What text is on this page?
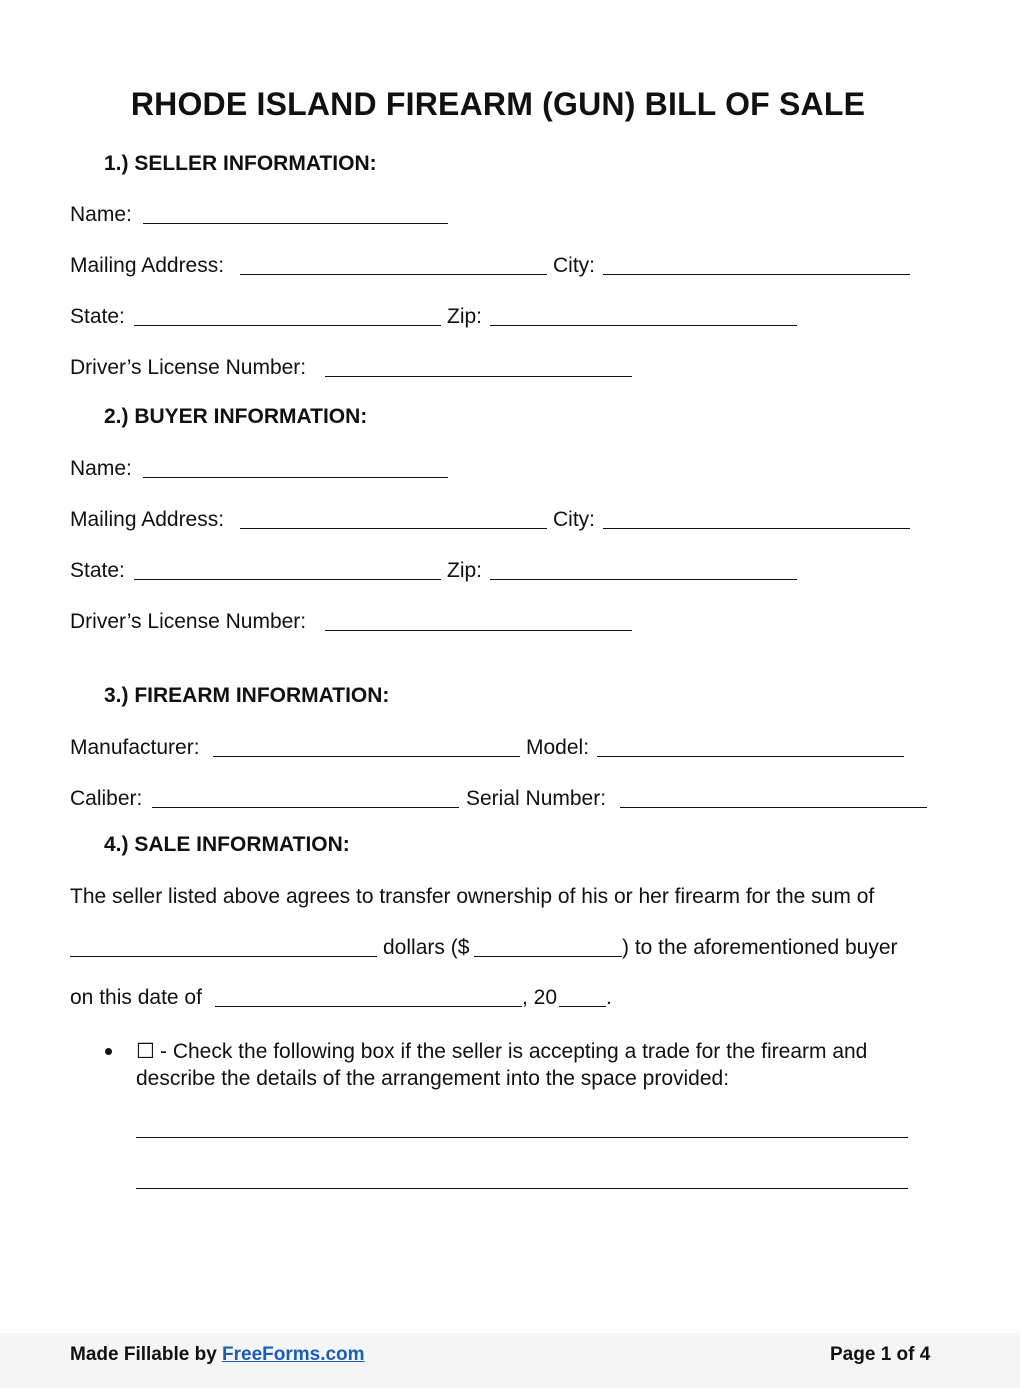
RHODE ISLAND FIREARM (GUN) BILL OF SALE
1.) SELLER INFORMATION:
Name:
Mailing Address:	City:
State:	Zip:
Driver’s License Number:
2.) BUYER INFORMATION:
Name:
Mailing Address:	City:
State:	Zip:
Driver’s License Number:
3.) FIREARM INFORMATION:
Manufacturer:	Model:
Caliber:	Serial Number:
4.) SALE INFORMATION:
The seller listed above agrees to transfer ownership of his or her firearm for the sum of
dollars ($	) to the aforementioned buyer
on this date of	, 20 .
☐ - Check the following box if the seller is accepting a trade for the firearm and
describe the details of the arrangement into the space provided:
Made Fillable by FreeForms.com	Page 1 of 4
